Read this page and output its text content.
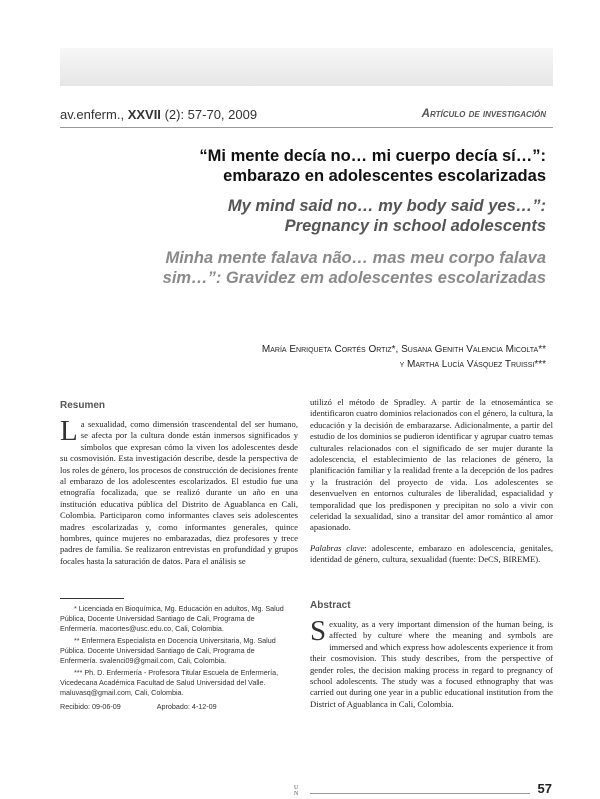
av.enferm., XXVII (2): 57-70, 2009	Artículo de investigación
“Mi mente decía no… mi cuerpo decía sí…”:
embarazo en adolescentes escolarizadas
My mind said no… my body said yes…”:
Pregnancy in school adolescents
Minha mente falava não… mas meu corpo falava
sim…”: Gravidez em adolescentes escolarizadas
María Enriqueta Cortés Ortiz*, Susana Genith Valencia Micolta**
y Martha Lucía Vásquez Truissi***
Resumen

La sexualidad, como dimensión trascendental del ser humano, se afecta por la cultura donde están inmersos significados y símbolos que expresan cómo la viven los adolescentes desde su cosmovisión. Esta investigación describe, desde la perspectiva de los roles de género, los procesos de construcción de decisiones frente al embarazo de los adolescentes escolarizados. El estudio fue una etnografía focalizada, que se realizó durante un año en una institución educativa pública del Distrito de Aguablanca en Cali, Colombia. Participaron como informantes claves seis adolescentes madres escolarizadas y, como informantes generales, quince hombres, quince mujeres no embarazadas, diez profesores y trece padres de familia. Se realizaron entrevistas en profundidad y grupos focales hasta la saturación de datos. Para el análisis se

utilizó el método de Spradley. A partir de la etnosemántica se identificaron cuatro dominios relacionados con el género, la cultura, la educación y la decisión de embarazarse. Adicionalmente, a partir del estudio de los dominios se pudieron identificar y agrupar cuatro temas culturales relacionados con el significado de ser mujer durante la adolescencia, el establecimiento de las relaciones de género, la planificación familiar y la realidad frente a la decepción de los padres y la frustración del proyecto de vida. Los adolescentes se desenvuelven en entornos culturales de liberalidad, espacialidad y temporalidad que los predisponen y precipitan no solo a vivir con celeridad la sexualidad, sino a transitar del amor romántico al amor apasionado.

Palabras clave: adolescente, embarazo en adolescencia, genitales, identidad de género, cultura, sexualidad (fuente: DeCS, BIREME).

Abstract

Sexuality, as a very important dimension of the human being, is affected by culture where the meaning and symbols are immersed and which express how adolescents experience it from their cosmovision. This study describes, from the perspective of gender roles, the decision making process in regard to pregnancy of school adolescents. The study was a focused ethnography that was carried out during one year in a public educational institution from the District of Aguablanca in Cali, Colombia.

* Licenciada en Bioquímica, Mg. Educación en adultos, Mg. Salud Pública, Docente Universidad Santiago de Cali, Programa de Enfermería. macortes@usc.edu.co, Cali, Colombia.

** Enfermera Especialista en Docencia Universitaria, Mg. Salud Pública. Docente Universidad Santiago de Cali, Programa de Enfermería. svalenci09@gmail.com, Cali, Colombia.

*** Ph. D. Enfermería - Profesora Titular Escuela de Enfermería, Vicedecana Académica Facultad de Salud Universidad del Valle. maluvasq@gmail.com, Cali, Colombia.

Recibido: 09-06-09	Aprobado: 4-12-09
U N	57
